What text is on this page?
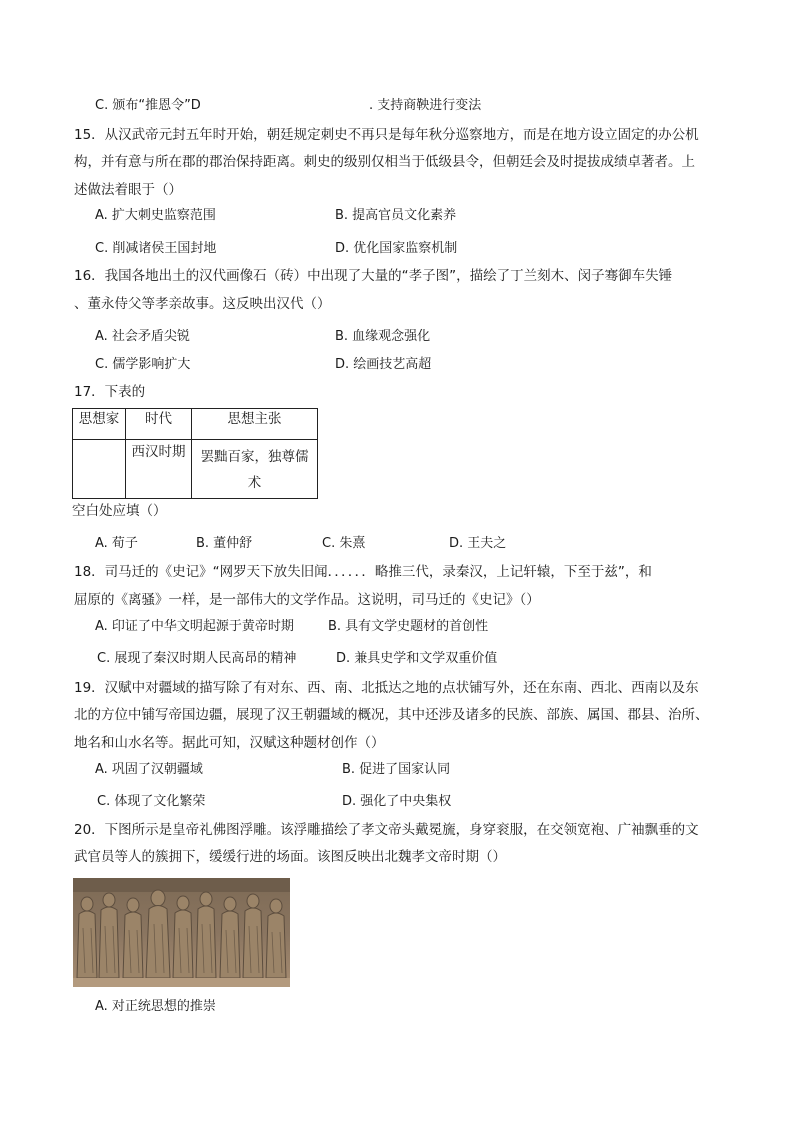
C. 颁布“推恩令”D	. 支持商鞅进行变法
15．从汉武帝元封五年时开始，朝廷规定刺史不再只是每年秋分巡察地方，而是在地方设立固定的办公机
构，并有意与所在郡的郡治保持距离。刺史的级别仅相当于低级县令，但朝廷会及时提拔成绩卓著者。上
述做法着眼于（）
A. 扩大刺史监察范围	B. 提高官员文化素养
C. 削减诸侯王国封地	D. 优化国家监察机制
16．我国各地出土的汉代画像石（砖）中出现了大量的“孝子图”，描绘了丁兰刻木、闵子骞御车失锤
、董永侍父等孝亲故事。这反映出汉代（）
A. 社会矛盾尖锐	B. 血缘观念强化
C. 儒学影响扩大	D. 绘画技艺高超
17．下表的
思想家	时代	思想主张
	西汉时期	罢黜百家，独尊儒术
空白处应填（）
A. 荀子	B. 董仲舒	C. 朱熹	D. 王夫之
18．司马迁的《史记》“网罗天下放失旧闻．．．．．．略推三代，录秦汉，上记轩辕，下至于兹”，和
屈原的《离骚》一样，是一部伟大的文学作品。这说明，司马迁的《史记》（）
A. 印证了中华文明起源于黄帝时期	B. 具有文学史题材的首创性
C. 展现了秦汉时期人民高昂的精神	D. 兼具史学和文学双重价值
19．汉赋中对疆域的描写除了有对东、西、南、北抵达之地的点状铺写外，还在东南、西北、西南以及东
北的方位中铺写帝国边疆，展现了汉王朝疆域的概况，其中还涉及诸多的民族、部族、属国、郡县、治所、
地名和山水名等。据此可知，汉赋这种题材创作（）
A. 巩固了汉朝疆域	B. 促进了国家认同
C. 体现了文化繁荣	D. 强化了中央集权
20．下图所示是皇帝礼佛图浮雕。该浮雕描绘了孝文帝头戴冕旒，身穿衮服，在交领宽袍、广袖飘垂的文
武官员等人的簇拥下，缓缓行进的场面。该图反映出北魏孝文帝时期（）
A. 对正统思想的推崇
